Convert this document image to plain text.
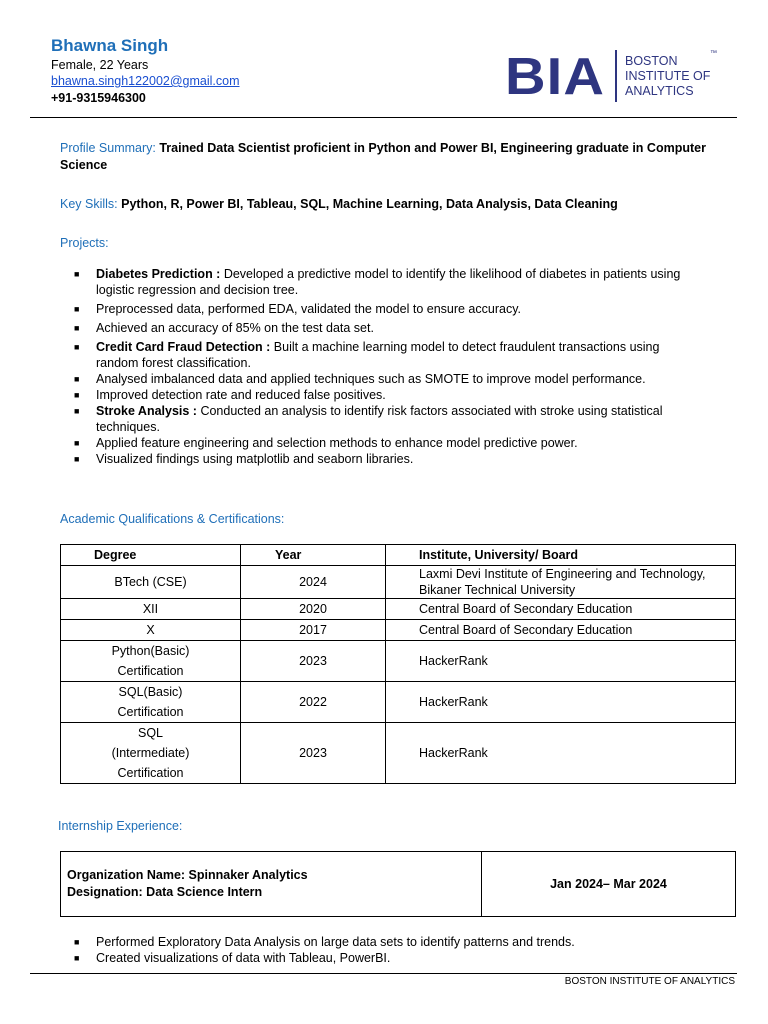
Bhawna Singh
Female, 22 Years
bhawna.singh122002@gmail.com
+91-9315946300	BIA BOSTON
INSTITUTE OF
ANALYTICS
™
Profile Summary: Trained Data Scientist proficient in Python and Power BI, Engineering graduate in Computer Science
Key Skills: Python, R, Power BI, Tableau, SQL, Machine Learning, Data Analysis, Data Cleaning
Projects:
■ Diabetes Prediction : Developed a predictive model to identify the likelihood of diabetes in patients using logistic regression and decision tree.
■ Preprocessed data, performed EDA, validated the model to ensure accuracy.
■ Achieved an accuracy of 85% on the test data set.
■ Credit Card Fraud Detection : Built a machine learning model to detect fraudulent transactions using random forest classification.
■ Analysed imbalanced data and applied techniques such as SMOTE to improve model performance.
■ Improved detection rate and reduced false positives.
■ Stroke Analysis : Conducted an analysis to identify risk factors associated with stroke using statistical techniques.
■ Applied feature engineering and selection methods to enhance model predictive power.
■ Visualized findings using matplotlib and seaborn libraries.
Academic Qualifications & Certifications:
Degree	Year	Institute, University/ Board

BTech (CSE)	2024	Laxmi Devi Institute of Engineering and Technology,
Bikaner Technical University

XII	2020	Central Board of Secondary Education

X	2017	Central Board of Secondary Education

Python(Basic)
Certification	2023	HackerRank

SQL(Basic)
Certification	2022	HackerRank

SQL
(Intermediate)
Certification	2023	HackerRank
Internship Experience:
Organization Name: Spinnaker Analytics
Designation: Data Science Intern
	Jan 2024– Mar 2024
■ Performed Exploratory Data Analysis on large data sets to identify patterns and trends.
■ Created visualizations of data with Tableau, PowerBI.
BOSTON INSTITUTE OF ANALYTICS
